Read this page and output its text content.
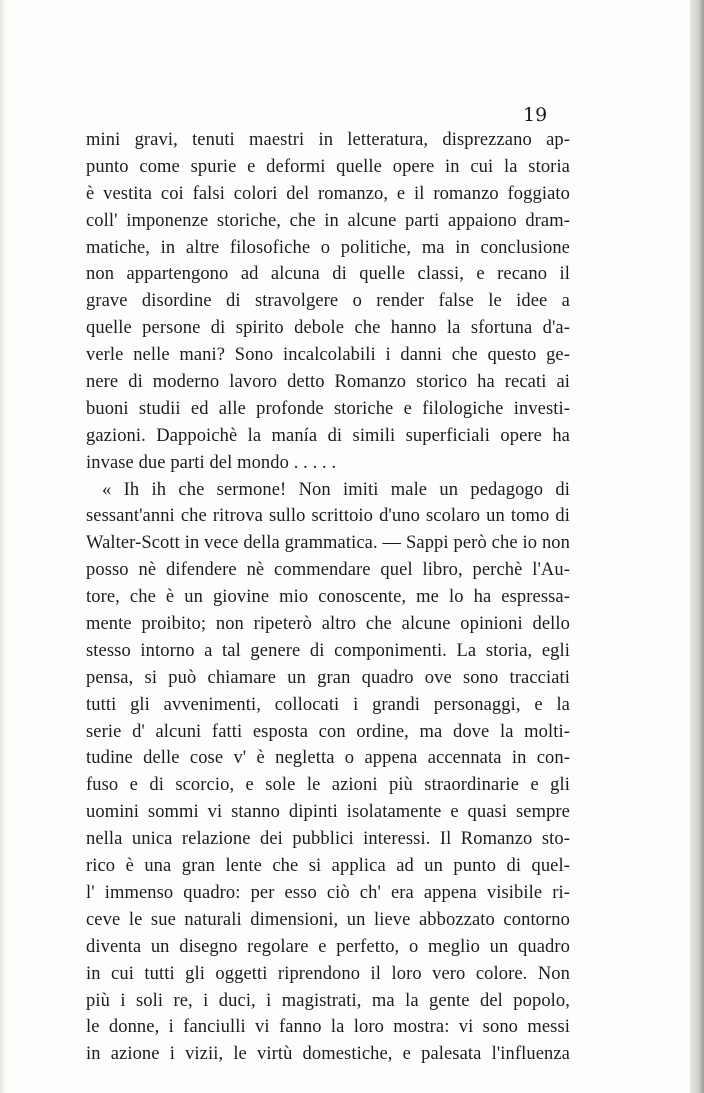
19
mini gravi, tenuti maestri in letteratura, disprezzano ap-
punto come spurie e deformi quelle opere in cui la storia
è vestita coi falsi colori del romanzo, e il romanzo foggiato
coll' imponenze storiche, che in alcune parti appaiono dram-
matiche, in altre filosofiche o politiche, ma in conclusione
non appartengono ad alcuna di quelle classi, e recano il
grave disordine di stravolgere o render false le idee a
quelle persone di spirito debole che hanno la sfortuna d'a-
verle nelle mani? Sono incalcolabili i danni che questo ge-
nere di moderno lavoro detto Romanzo storico ha recati ai
buoni studii ed alle profonde storiche e filologiche investi-
gazioni. Dappoichè la manía di simili superficiali opere ha
invase due parti del mondo . . . . .
« Ih ih che sermone! Non imiti male un pedagogo di
sessant'anni che ritrova sullo scrittoio d'uno scolaro un tomo di
Walter-Scott in vece della grammatica. — Sappi però che io non
posso nè difendere nè commendare quel libro, perchè l'Au-
tore, che è un giovine mio conoscente, me lo ha espressa-
mente proibito; non ripeterò altro che alcune opinioni dello
stesso intorno a tal genere di componimenti. La storia, egli
pensa, si può chiamare un gran quadro ove sono tracciati
tutti gli avvenimenti, collocati i grandi personaggi, e la
serie d' alcuni fatti esposta con ordine, ma dove la molti-
tudine delle cose v' è negletta o appena accennata in con-
fuso e di scorcio, e sole le azioni più straordinarie e gli
uomini sommi vi stanno dipinti isolatamente e quasi sempre
nella unica relazione dei pubblici interessi. Il Romanzo sto-
rico è una gran lente che si applica ad un punto di quel-
l' immenso quadro: per esso ciò ch' era appena visibile ri-
ceve le sue naturali dimensioni, un lieve abbozzato contorno
diventa un disegno regolare e perfetto, o meglio un quadro
in cui tutti gli oggetti riprendono il loro vero colore. Non
più i soli re, i duci, i magistrati, ma la gente del popolo,
le donne, i fanciulli vi fanno la loro mostra: vi sono messi
in azione i vizii, le virtù domestiche, e palesata l'influenza
